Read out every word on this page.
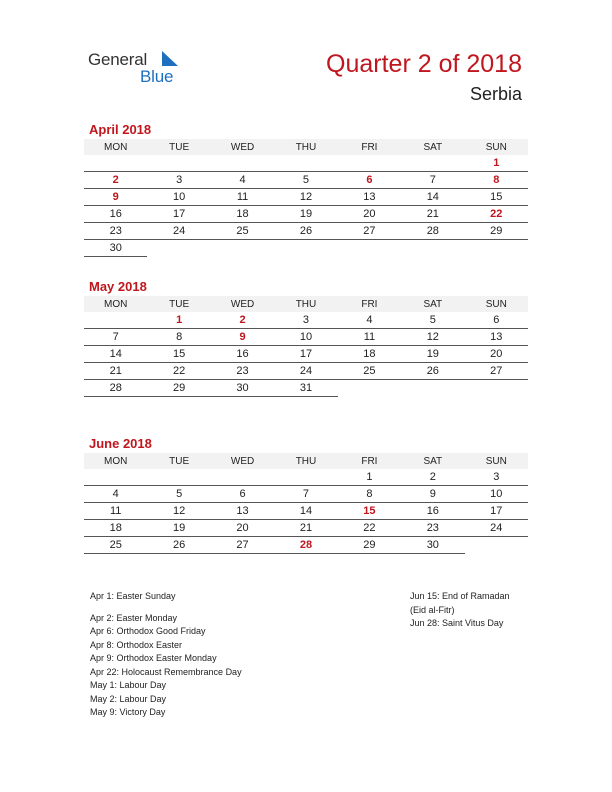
General
Blue	Quarter 2 of 2018
Serbia
April 2018
MON	TUE	WED	THU	FRI	SAT	SUN
						1
2	3	4	5	6	7	8
9	10	11	12	13	14	15
16	17	18	19	20	21	22
23	24	25	26	27	28	29
30						
May 2018
MON	TUE	WED	THU	FRI	SAT	SUN
	1	2	3	4	5	6
7	8	9	10	11	12	13
14	15	16	17	18	19	20
21	22	23	24	25	26	27
28	29	30	31			
June 2018
MON	TUE	WED	THU	FRI	SAT	SUN
				1	2	3
4	5	6	7	8	9	10
11	12	13	14	15	16	17
18	19	20	21	22	23	24
25	26	27	28	29	30	
Apr 1: Easter Sunday
Apr 2: Easter Monday
Apr 6: Orthodox Good Friday
Apr 8: Orthodox Easter
Apr 9: Orthodox Easter Monday
Apr 22: Holocaust Remembrance Day
May 1: Labour Day
May 2: Labour Day
May 9: Victory Day
Jun 15: End of Ramadan
(Eid al-Fitr)
Jun 28: Saint Vitus Day
